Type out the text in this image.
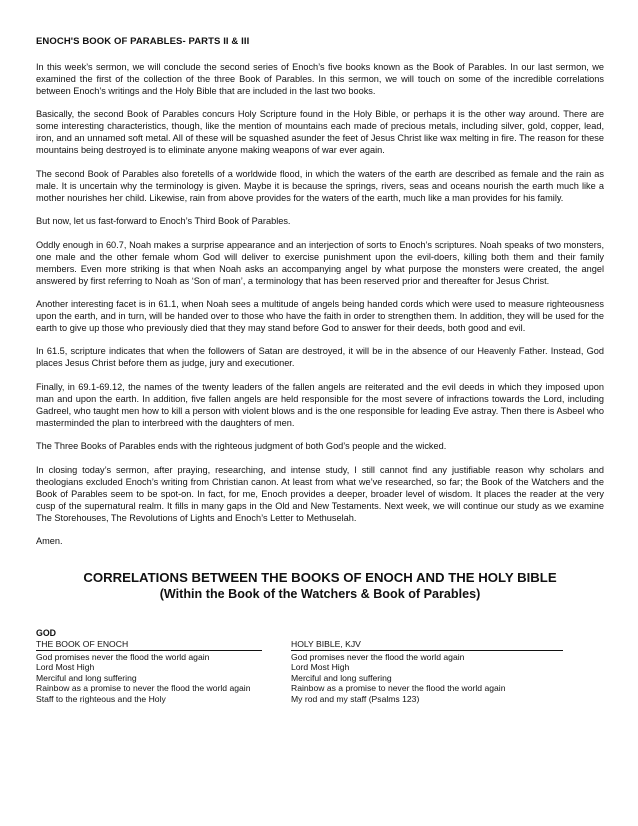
ENOCH'S BOOK OF PARABLES- PARTS II & III

In this week’s sermon, we will conclude the second series of Enoch’s five books known as the Book of Parables. In our last sermon, we examined the first of the collection of the three Book of Parables. In this sermon, we will touch on some of the incredible correlations between Enoch’s writings and the Holy Bible that are included in the last two books.

Basically, the second Book of Parables concurs Holy Scripture found in the Holy Bible, or perhaps it is the other way around. There are some interesting characteristics, though, like the mention of mountains each made of precious metals, including silver, gold, copper, lead, iron, and an unnamed soft metal. All of these will be squashed asunder the feet of Jesus Christ like wax melting in fire. The reason for these mountains being destroyed is to eliminate anyone making weapons of war ever again.

The second Book of Parables also foretells of a worldwide flood, in which the waters of the earth are described as female and the rain as male. It is uncertain why the terminology is given. Maybe it is because the springs, rivers, seas and oceans nourish the earth much like a mother nourishes her child. Likewise, rain from above provides for the waters of the earth, much like a man provides for his family.

But now, let us fast-forward to Enoch’s Third Book of Parables.

Oddly enough in 60.7, Noah makes a surprise appearance and an interjection of sorts to Enoch’s scriptures. Noah speaks of two monsters, one male and the other female whom God will deliver to exercise punishment upon the evil-doers, killing both them and their family members. Even more striking is that when Noah asks an accompanying angel by what purpose the monsters were created, the angel answered by first referring to Noah as ‘Son of man’, a terminology that has been reserved prior and thereafter for Jesus Christ.

Another interesting facet is in 61.1, when Noah sees a multitude of angels being handed cords which were used to measure righteousness upon the earth, and in turn, will be handed over to those who have the faith in order to strengthen them. In addition, they will be used for the earth to give up those who previously died that they may stand before God to answer for their deeds, both good and evil.

In 61.5, scripture indicates that when the followers of Satan are destroyed, it will be in the absence of our Heavenly Father. Instead, God places Jesus Christ before them as judge, jury and executioner.

Finally, in 69.1-69.12, the names of the twenty leaders of the fallen angels are reiterated and the evil deeds in which they imposed upon man and upon the earth. In addition, five fallen angels are held responsible for the most severe of infractions towards the Lord, including Gadreel, who taught men how to kill a person with violent blows and is the one responsible for leading Eve astray. Then there is Asbeel who masterminded the plan to interbreed with the daughters of men.

The Three Books of Parables ends with the righteous judgment of both God’s people and the wicked.

In closing today’s sermon, after praying, researching, and intense study, I still cannot find any justifiable reason why scholars and theologians excluded Enoch’s writing from Christian canon. At least from what we’ve researched, so far; the Book of the Watchers and the Book of Parables seem to be spot-on. In fact, for me, Enoch provides a deeper, broader level of wisdom. It places the reader at the very cusp of the supernatural realm. It fills in many gaps in the Old and New Testaments. Next week, we will continue our study as we examine The Storehouses, The Revolutions of Lights and Enoch’s Letter to Methuselah.

Amen.

CORRELATIONS BETWEEN THE BOOKS OF ENOCH AND THE HOLY BIBLE
(Within the Book of the Watchers & Book of Parables)
GOD
THE BOOK OF ENOCH
God promises never the flood the world again
Lord Most High
Merciful and long suffering
Rainbow as a promise to never the flood the world again
Staff to the righteous and the Holy
HOLY BIBLE, KJV
God promises never the flood the world again
Lord Most High
Merciful and long suffering
Rainbow as a promise to never the flood the world again
My rod and my staff (Psalms 123)
